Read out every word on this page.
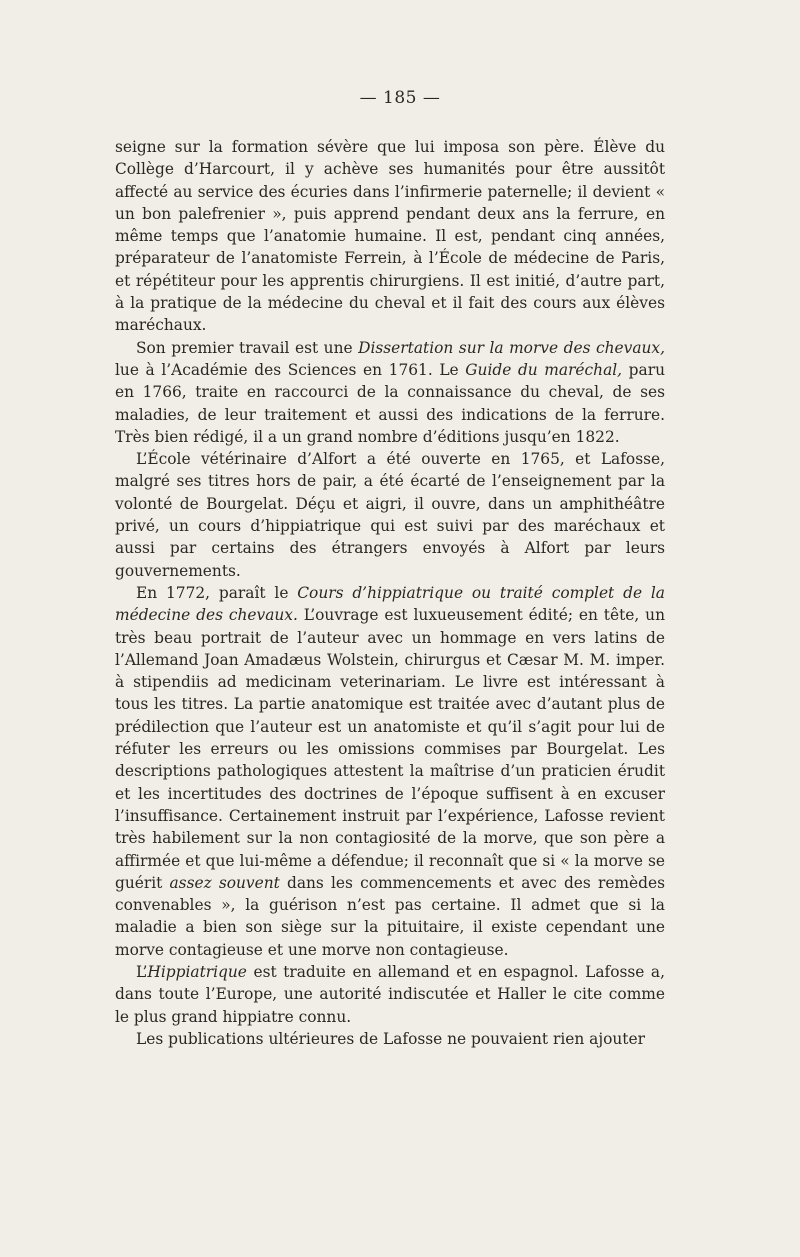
— 185 —

seigne sur la formation sévère que lui imposa son père. Élève du Collège d’Harcourt, il y achève ses humanités pour être aussitôt affecté au service des écuries dans l’infirmerie paternelle; il devient « un bon palefrenier », puis apprend pendant deux ans la ferrure, en même temps que l’anatomie humaine. Il est, pendant cinq années, préparateur de l’anatomiste Ferrein, à l’École de médecine de Paris, et répétiteur pour les apprentis chirurgiens. Il est initié, d’autre part, à la pratique de la médecine du cheval et il fait des cours aux élèves maréchaux.

Son premier travail est une Dissertation sur la morve des chevaux, lue à l’Académie des Sciences en 1761. Le Guide du maréchal, paru en 1766, traite en raccourci de la connaissance du cheval, de ses maladies, de leur traitement et aussi des indications de la ferrure. Très bien rédigé, il a un grand nombre d’éditions jusqu’en 1822.

L’École vétérinaire d’Alfort a été ouverte en 1765, et Lafosse, malgré ses titres hors de pair, a été écarté de l’enseignement par la volonté de Bourgelat. Déçu et aigri, il ouvre, dans un amphithéâtre privé, un cours d’hippiatrique qui est suivi par des maréchaux et aussi par certains des étrangers envoyés à Alfort par leurs gouvernements.

En 1772, paraît le Cours d’hippiatrique ou traité complet de la médecine des chevaux. L’ouvrage est luxueusement édité; en tête, un très beau portrait de l’auteur avec un hommage en vers latins de l’Allemand Joan Amadæus Wolstein, chirurgus et Cæsar M. M. imper. à stipendiis ad medicinam veterinariam. Le livre est intéressant à tous les titres. La partie anatomique est traitée avec d’autant plus de prédilection que l’auteur est un anatomiste et qu’il s’agit pour lui de réfuter les erreurs ou les omissions commises par Bourgelat. Les descriptions pathologiques attestent la maîtrise d’un praticien érudit et les incertitudes des doctrines de l’époque suffisent à en excuser l’insuffisance. Certainement instruit par l’expérience, Lafosse revient très habilement sur la non contagiosité de la morve, que son père a affirmée et que lui-même a défendue; il reconnaît que si « la morve se guérit assez souvent dans les commencements et avec des remèdes convenables », la guérison n’est pas certaine. Il admet que si la maladie a bien son siège sur la pituitaire, il existe cependant une morve contagieuse et une morve non contagieuse.

L’Hippiatrique est traduite en allemand et en espagnol. Lafosse a, dans toute l’Europe, une autorité indiscutée et Haller le cite comme le plus grand hippiatre connu.

Les publications ultérieures de Lafosse ne pouvaient rien ajouter
